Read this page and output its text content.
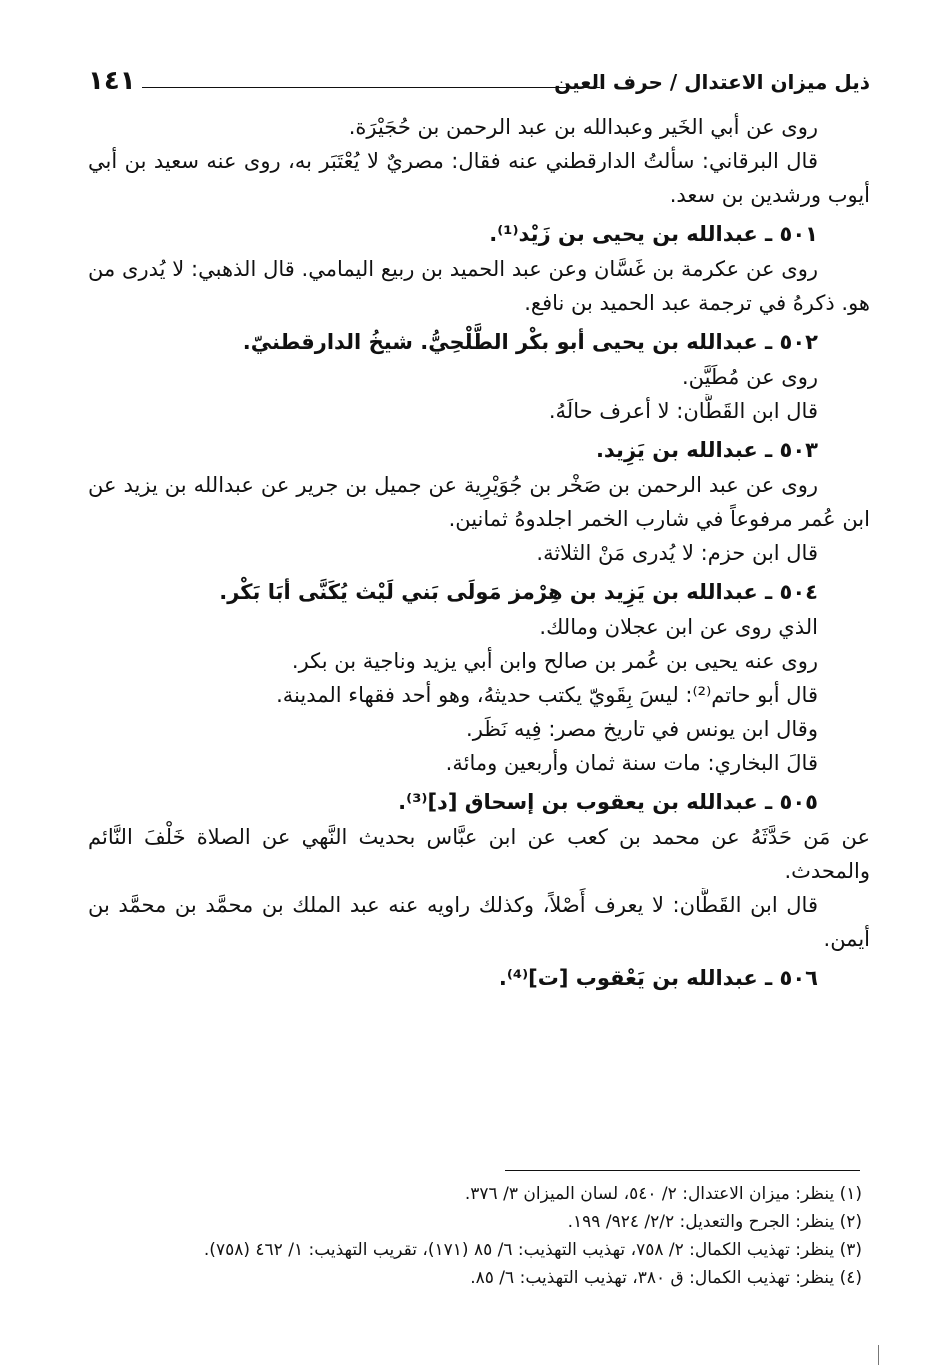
ذيل ميزان الاعتدال / حرف العين
١٤١
روى عن أبي الخَير وعبدالله بن عبد الرحمن بن حُجَيْرَة.
قال البرقاني: سألتُ الدارقطني عنه فقال: مصريٌ لا يُعْتَبَر به، روى عنه سعيد بن أبي
أيوب ورشدين بن سعد.
٥٠١ ـ عبدالله بن يحيى بن زَيْد⁽¹⁾.
روى عن عكرمة بن غَسَّان وعن عبد الحميد بن ربيع اليمامي. قال الذهبي: لا يُدرى من
هو. ذكرهُ في ترجمة عبد الحميد بن نافع.
٥٠٢ ـ عبدالله بن يحيى أبو بكْر الطَّلْحِيُّ. شيخُ الدارقطنيّ.
روى عن مُطَيَّن.
قال ابن القَطَّان: لا أعرف حالَهُ.
٥٠٣ ـ عبدالله بن يَزِيد.
روى عن عبد الرحمن بن صَخْر بن جُوَيْرِية عن جميل بن جرير عن عبدالله بن يزيد عن
ابن عُمر مرفوعاً في شارب الخمر اجلدوهُ ثمانين.
قال ابن حزم: لا يُدرى مَنْ الثلاثة.
٥٠٤ ـ عبدالله بن يَزِيد بن هِرْمز مَولَى بَني لَيْث يُكَنَّى أبَا بَكْر.
الذي روى عن ابن عجلان ومالك.
روى عنه يحيى بن عُمر بن صالح وابن أبي يزيد وناجية بن بكر.
قال أبو حاتم⁽²⁾: ليسَ بِقَويّ يكتب حديثهُ، وهو أحد فقهاء المدينة.
وقال ابن يونس في تاريخ مصر: فِيه نَظَر.
قالَ البخاري: مات سنة ثمان وأربعين ومائة.
٥٠٥ ـ عبدالله بن يعقوب بن إسحاق [د]⁽³⁾.
عن مَن حَدَّثَهُ عن محمد بن كعب عن ابن عبَّاس بحديث النَّهي عن الصلاة خَلْفَ النَّائم
والمحدث.
قال ابن القَطَّان: لا يعرف أَصْلاً، وكذلك راويه عنه عبد الملك بن محمَّد بن محمَّد بن
أيمن.
٥٠٦ ـ عبدالله بن يَعْقوب [ت]⁽⁴⁾.
(١) ينظر: ميزان الاعتدال: ٢/ ٥٤٠، لسان الميزان ٣/ ٣٧٦.
(٢) ينظر: الجرح والتعديل: ٢/٢/ ٩٢٤/ ١٩٩.
(٣) ينظر: تهذيب الكمال: ٢/ ٧٥٨، تهذيب التهذيب: ٦/ ٨٥ (١٧١)، تقريب التهذيب: ١/ ٤٦٢ (٧٥٨).
(٤) ينظر: تهذيب الكمال: ق ٣٨٠، تهذيب التهذيب: ٦/ ٨٥.
